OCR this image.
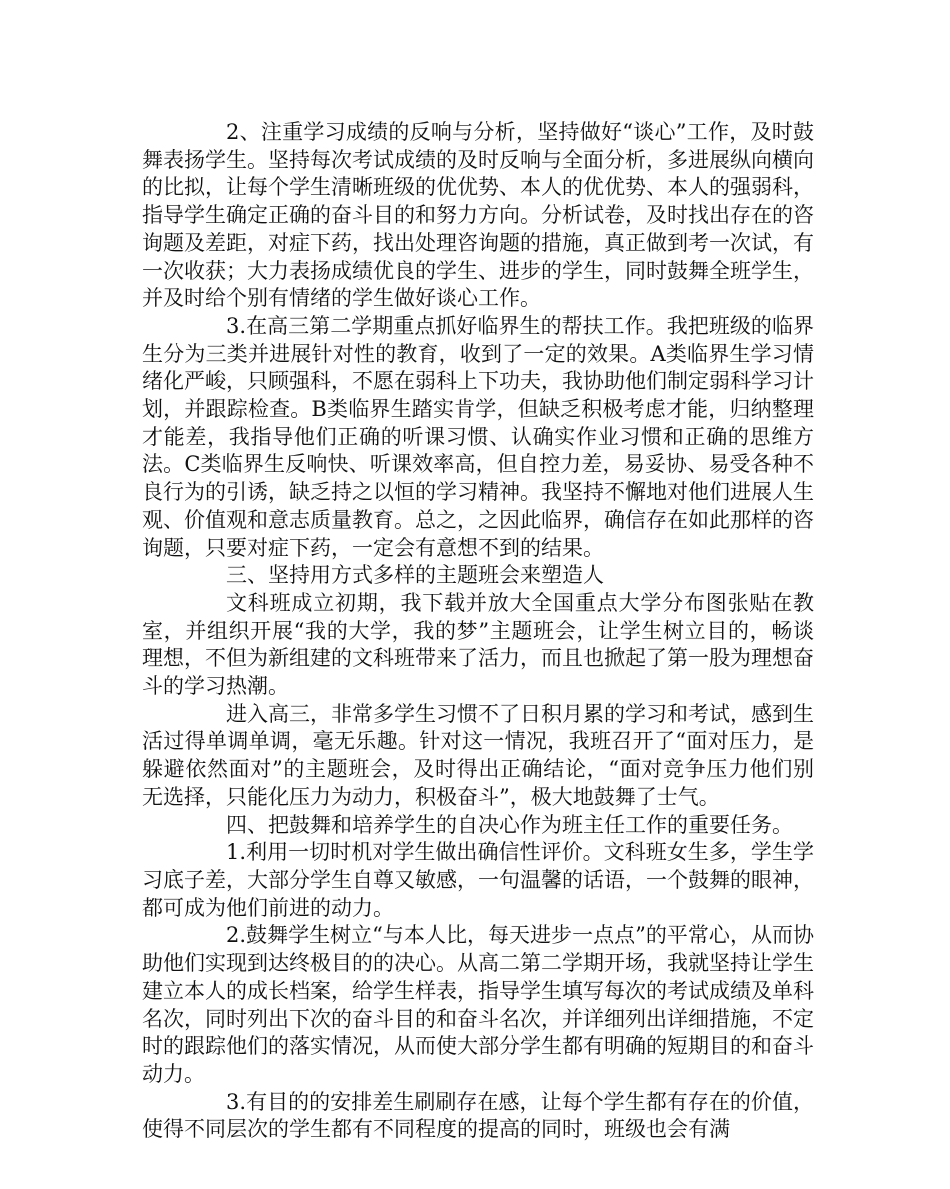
2、注重学习成绩的反响与分析，坚持做好“谈心”工作，及时鼓舞表扬学生。坚持每次考试成绩的及时反响与全面分析，多进展纵向横向的比拟，让每个学生清晰班级的优优势、本人的优优势、本人的强弱科，指导学生确定正确的奋斗目的和努力方向。分析试卷，及时找出存在的咨询题及差距，对症下药，找出处理咨询题的措施，真正做到考一次试，有一次收获；大力表扬成绩优良的学生、进步的学生，同时鼓舞全班学生，并及时给个别有情绪的学生做好谈心工作。

3.在高三第二学期重点抓好临界生的帮扶工作。我把班级的临界生分为三类并进展针对性的教育，收到了一定的效果。A类临界生学习情绪化严峻，只顾强科，不愿在弱科上下功夫，我协助他们制定弱科学习计划，并跟踪检查。B类临界生踏实肯学，但缺乏积极考虑才能，归纳整理才能差，我指导他们正确的听课习惯、认确实作业习惯和正确的思维方法。C类临界生反响快、听课效率高，但自控力差，易妥协、易受各种不良行为的引诱，缺乏持之以恒的学习精神。我坚持不懈地对他们进展人生观、价值观和意志质量教育。总之，之因此临界，确信存在如此那样的咨询题，只要对症下药，一定会有意想不到的结果。

三、坚持用方式多样的主题班会来塑造人

文科班成立初期，我下载并放大全国重点大学分布图张贴在教室，并组织开展“我的大学，我的梦”主题班会，让学生树立目的，畅谈理想，不但为新组建的文科班带来了活力，而且也掀起了第一股为理想奋斗的学习热潮。

进入高三，非常多学生习惯不了日积月累的学习和考试，感到生活过得单调单调，毫无乐趣。针对这一情况，我班召开了“面对压力，是躲避依然面对”的主题班会，及时得出正确结论，“面对竞争压力他们别无选择，只能化压力为动力，积极奋斗”，极大地鼓舞了士气。

四、把鼓舞和培养学生的自决心作为班主任工作的重要任务。

1.利用一切时机对学生做出确信性评价。文科班女生多，学生学习底子差，大部分学生自尊又敏感，一句温馨的话语，一个鼓舞的眼神，都可成为他们前进的动力。

2.鼓舞学生树立“与本人比，每天进步一点点”的平常心，从而协助他们实现到达终极目的的决心。从高二第二学期开场，我就坚持让学生建立本人的成长档案，给学生样表，指导学生填写每次的考试成绩及单科名次，同时列出下次的奋斗目的和奋斗名次，并详细列出详细措施，不定时的跟踪他们的落实情况，从而使大部分学生都有明确的短期目的和奋斗动力。

3.有目的的安排差生刷刷存在感，让每个学生都有存在的价值，使得不同层次的学生都有不同程度的提高的同时，班级也会有满
